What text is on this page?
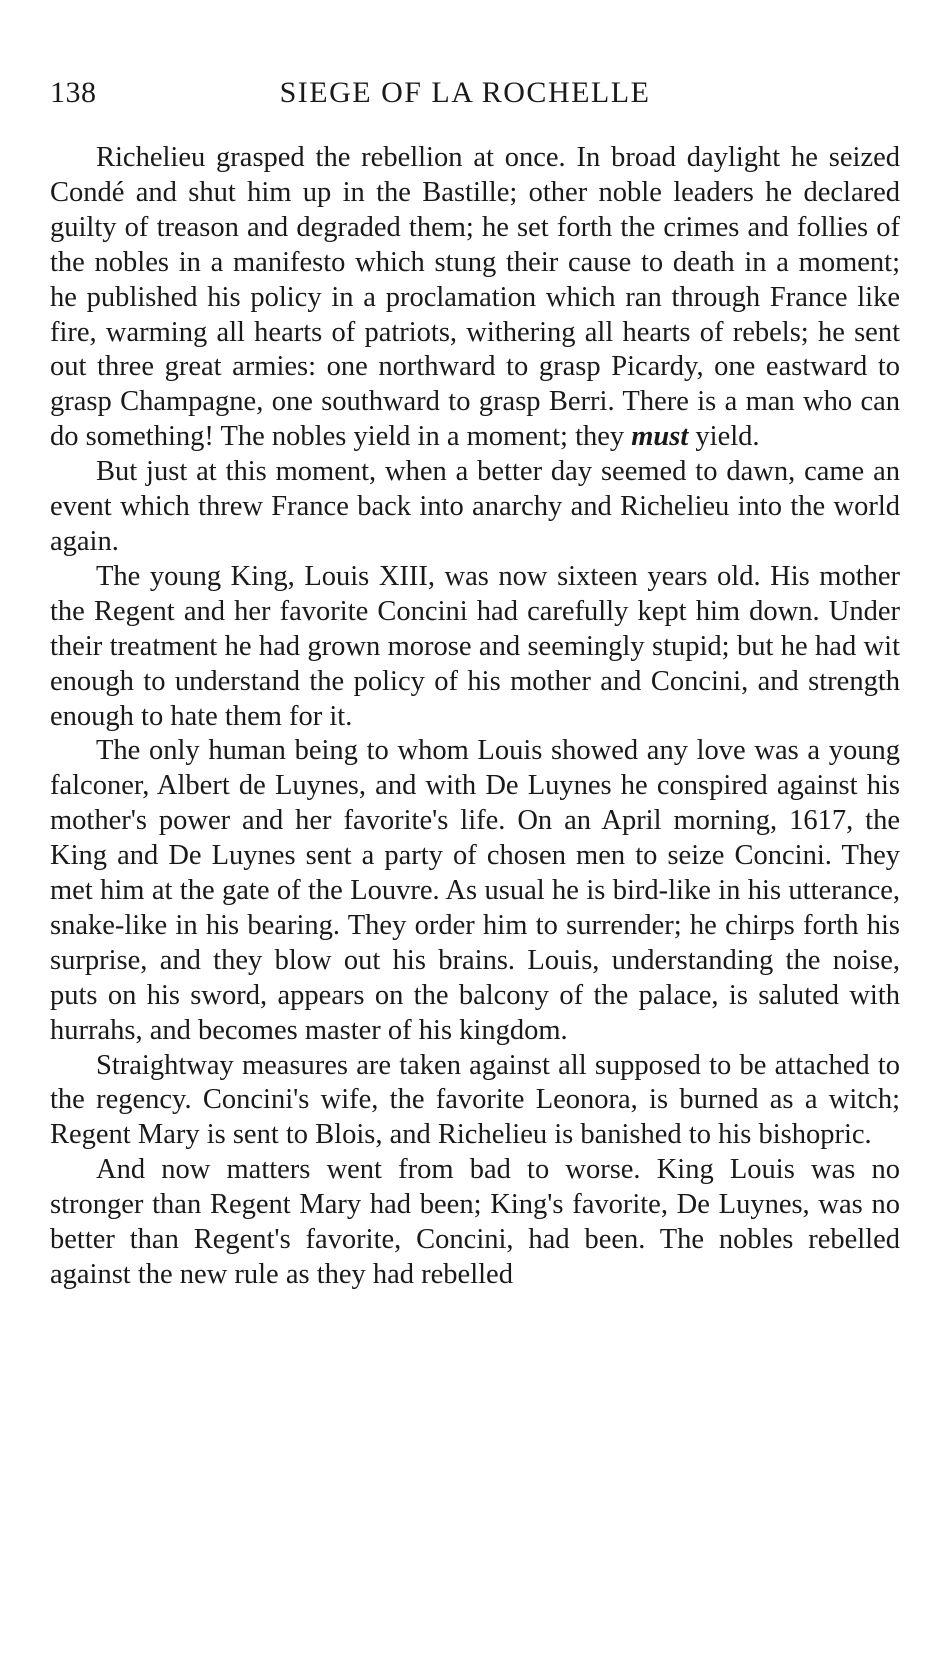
138	SIEGE OF LA ROCHELLE

Richelieu grasped the rebellion at once. In broad daylight he seized Condé and shut him up in the Bastille; other noble leaders he declared guilty of treason and degraded them; he set forth the crimes and follies of the nobles in a manifesto which stung their cause to death in a moment; he published his policy in a proclamation which ran through France like fire, warming all hearts of patriots, withering all hearts of rebels; he sent out three great armies: one northward to grasp Picardy, one eastward to grasp Champagne, one southward to grasp Berri. There is a man who can do something! The nobles yield in a moment; they must yield.

But just at this moment, when a better day seemed to dawn, came an event which threw France back into anarchy and Richelieu into the world again.

The young King, Louis XIII, was now sixteen years old. His mother the Regent and her favorite Concini had carefully kept him down. Under their treatment he had grown morose and seemingly stupid; but he had wit enough to understand the policy of his mother and Concini, and strength enough to hate them for it.

The only human being to whom Louis showed any love was a young falconer, Albert de Luynes, and with De Luynes he conspired against his mother's power and her favorite's life. On an April morning, 1617, the King and De Luynes sent a party of chosen men to seize Concini. They met him at the gate of the Louvre. As usual he is bird-like in his utterance, snake-like in his bearing. They order him to surrender; he chirps forth his surprise, and they blow out his brains. Louis, understanding the noise, puts on his sword, appears on the balcony of the palace, is saluted with hurrahs, and becomes master of his kingdom.

Straightway measures are taken against all supposed to be attached to the regency. Concini's wife, the favorite Leonora, is burned as a witch; Regent Mary is sent to Blois, and Richelieu is banished to his bishopric.

And now matters went from bad to worse. King Louis was no stronger than Regent Mary had been; King's favorite, De Luynes, was no better than Regent's favorite, Concini, had been. The nobles rebelled against the new rule as they had rebelled
